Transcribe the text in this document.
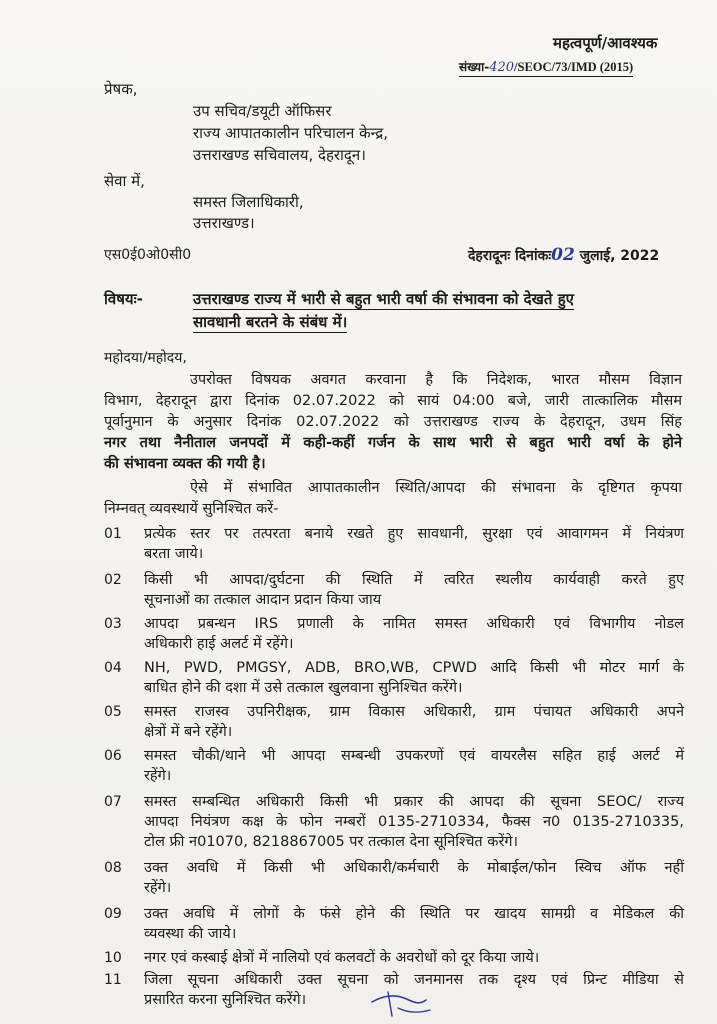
महत्वपूर्ण/आवश्यक
संख्या-420/SEOC/73/IMD (2015)
प्रेषक,
उप सचिव/डयूटी ऑफिसर
राज्य आपातकालीन परिचालन केन्द्र,
उत्तराखण्ड सचिवालय, देहरादून।
सेवा में,
समस्त जिलाधिकारी,
उत्तराखण्ड।
एस0ई0ओ0सी0	देहरादूनः दिनांकः02 जुलाई, 2022
विषयः-	उत्तराखण्ड राज्य में भारी से बहुत भारी वर्षा की संभावना को देखते हुए
सावधानी बरतने के संबंध में।
महोदया/महोदय,
उपरोक्त विषयक अवगत करवाना है कि निदेशक, भारत मौसम विज्ञान
विभाग, देहरादून द्वारा दिनांक 02.07.2022 को सायं 04:00 बजे, जारी तात्कालिक मौसम
पूर्वानुमान के अनुसार दिनांक 02.07.2022 को उत्तराखण्ड राज्य के देहरादून, उधम सिंह
नगर तथा नैनीताल जनपदों में कही-कहीं गर्जन के साथ भारी से बहुत भारी वर्षा के होने
की संभावना व्यक्त की गयी है।
ऐसे में संभावित आपातकालीन स्थिति/आपदा की संभावना के दृष्टिगत कृपया
निम्नवत् व्यवस्थायें सुनिश्चित करें-
01 प्रत्येक स्तर पर तत्परता बनाये रखते हुए सावधानी, सुरक्षा एवं आवागमन में नियंत्रण
बरता जाये।
02 किसी भी आपदा/दुर्घटना की स्थिति में त्वरित स्थलीय कार्यवाही करते हुए
सूचनाओं का तत्काल आदान प्रदान किया जाय
03 आपदा प्रबन्धन IRS प्रणाली के नामित समस्त अधिकारी एवं विभागीय नोडल
अधिकारी हाई अलर्ट में रहेंगे।
04 NH, PWD, PMGSY, ADB, BRO,WB, CPWD आदि किसी भी मोटर मार्ग के
बाधित होने की दशा में उसे तत्काल खुलवाना सुनिश्चित करेंगे।
05 समस्त राजस्व उपनिरीक्षक, ग्राम विकास अधिकारी, ग्राम पंचायत अधिकारी अपने
क्षेत्रों में बने रहेंगे।
06 समस्त चौकी/थाने भी आपदा सम्बन्धी उपकरणों एवं वायरलैस सहित हाई अलर्ट में
रहेंगे।
07 समस्त सम्बन्धित अधिकारी किसी भी प्रकार की आपदा की सूचना SEOC/ राज्य
आपदा नियंत्रण कक्ष के फोन नम्बरों 0135-2710334, फैक्स न0 0135-2710335,
टोल फ्री न01070, 8218867005 पर तत्काल देना सूनिश्चित करेंगे।
08 उक्त अवधि में किसी भी अधिकारी/कर्मचारी के मोबाईल/फोन स्विच ऑफ नहीं
रहेंगे।
09 उक्त अवधि में लोगों के फंसे होने की स्थिति पर खादय सामग्री व मेडिकल की
व्यवस्था की जाये।
10 नगर एवं कस्बाई क्षेत्रों में नालियो एवं कलवटों के अवरोधों को दूर किया जाये।
11 जिला सूचना अधिकारी उक्त सूचना को जनमानस तक दृश्य एवं प्रिन्ट मीडिया से
प्रसारित करना सुनिश्चित करेंगे।
